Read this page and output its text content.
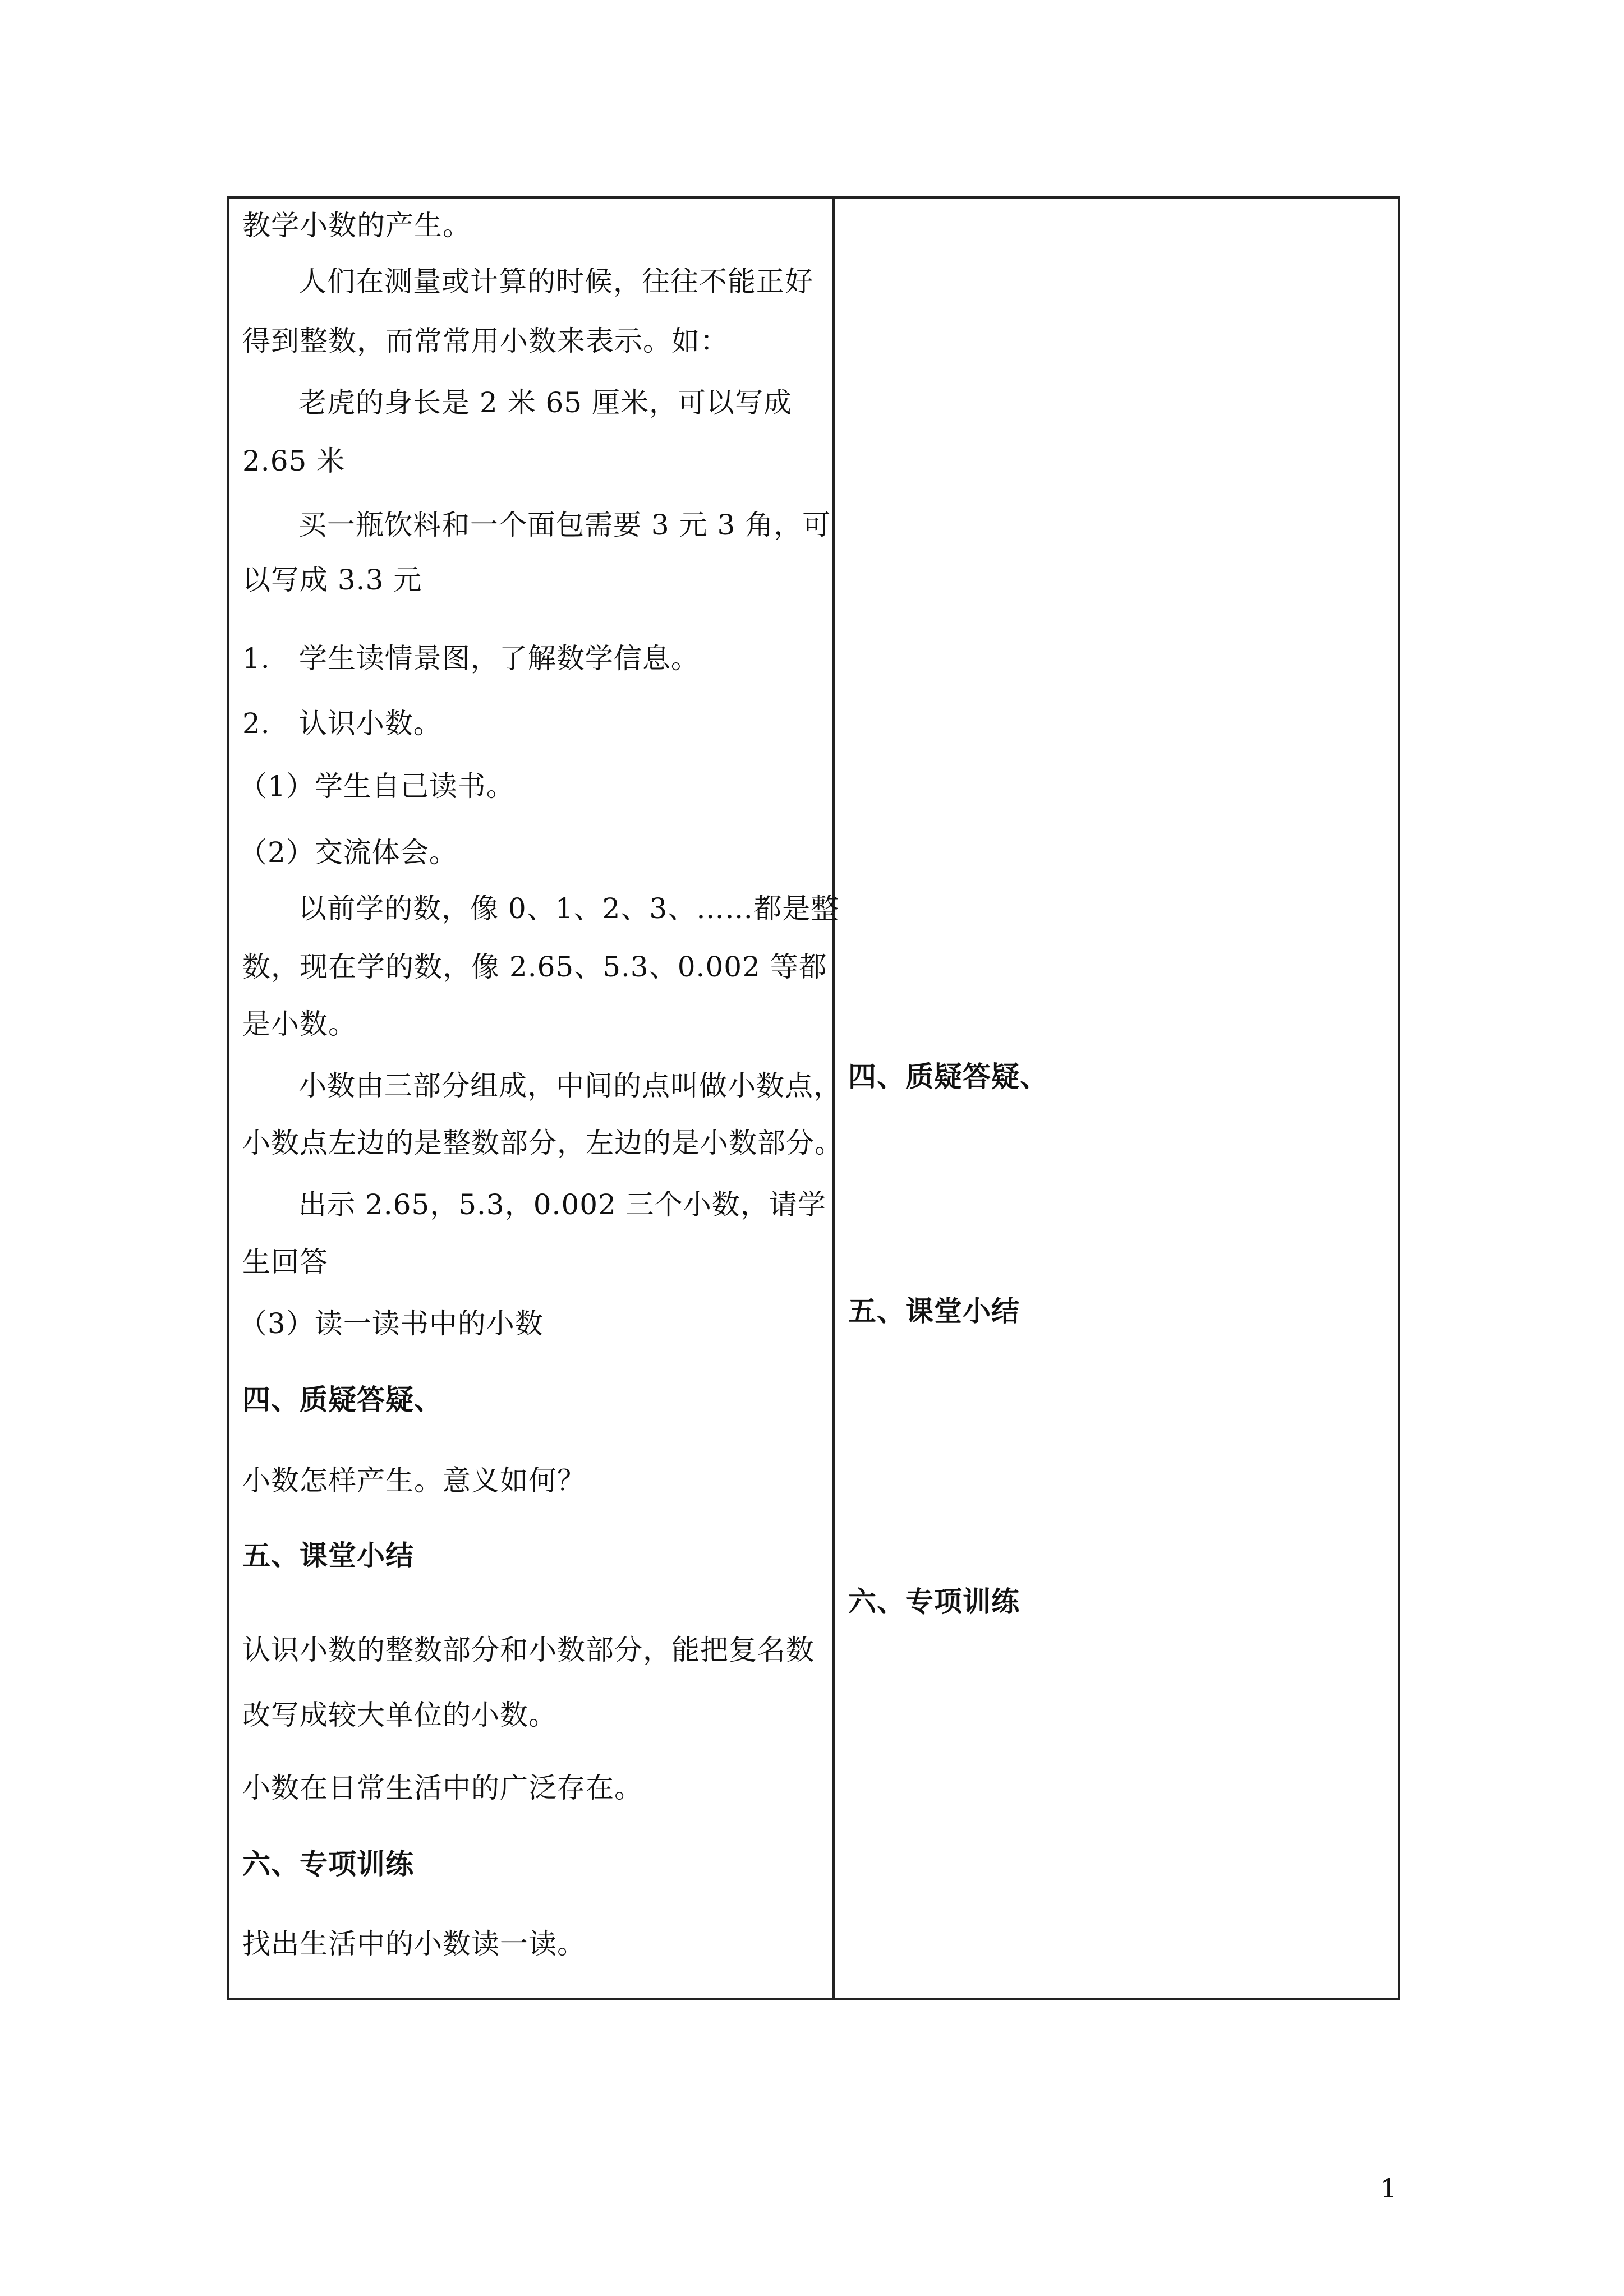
教学小数的产生。
人们在测量或计算的时候，往往不能正好
得到整数，而常常用小数来表示。如：
老虎的身长是 2 米 65 厘米，可以写成
2.65 米
买一瓶饮料和一个面包需要 3 元 3 角，可
以写成 3.3 元
1.　学生读情景图，了解数学信息。
2.　认识小数。
（1）学生自己读书。
（2）交流体会。
以前学的数，像 0、1、2、3、……都是整
数，现在学的数，像 2.65、5.3、0.002 等都
是小数。
小数由三部分组成，中间的点叫做小数点，
小数点左边的是整数部分，左边的是小数部分。
出示 2.65，5.3，0.002 三个小数，请学
生回答
（3）读一读书中的小数
四、质疑答疑、
小数怎样产生。意义如何？
五、课堂小结
认识小数的整数部分和小数部分，能把复名数
改写成较大单位的小数。
小数在日常生活中的广泛存在。
六、专项训练
找出生活中的小数读一读。
四、质疑答疑、
五、课堂小结
六、专项训练
1
